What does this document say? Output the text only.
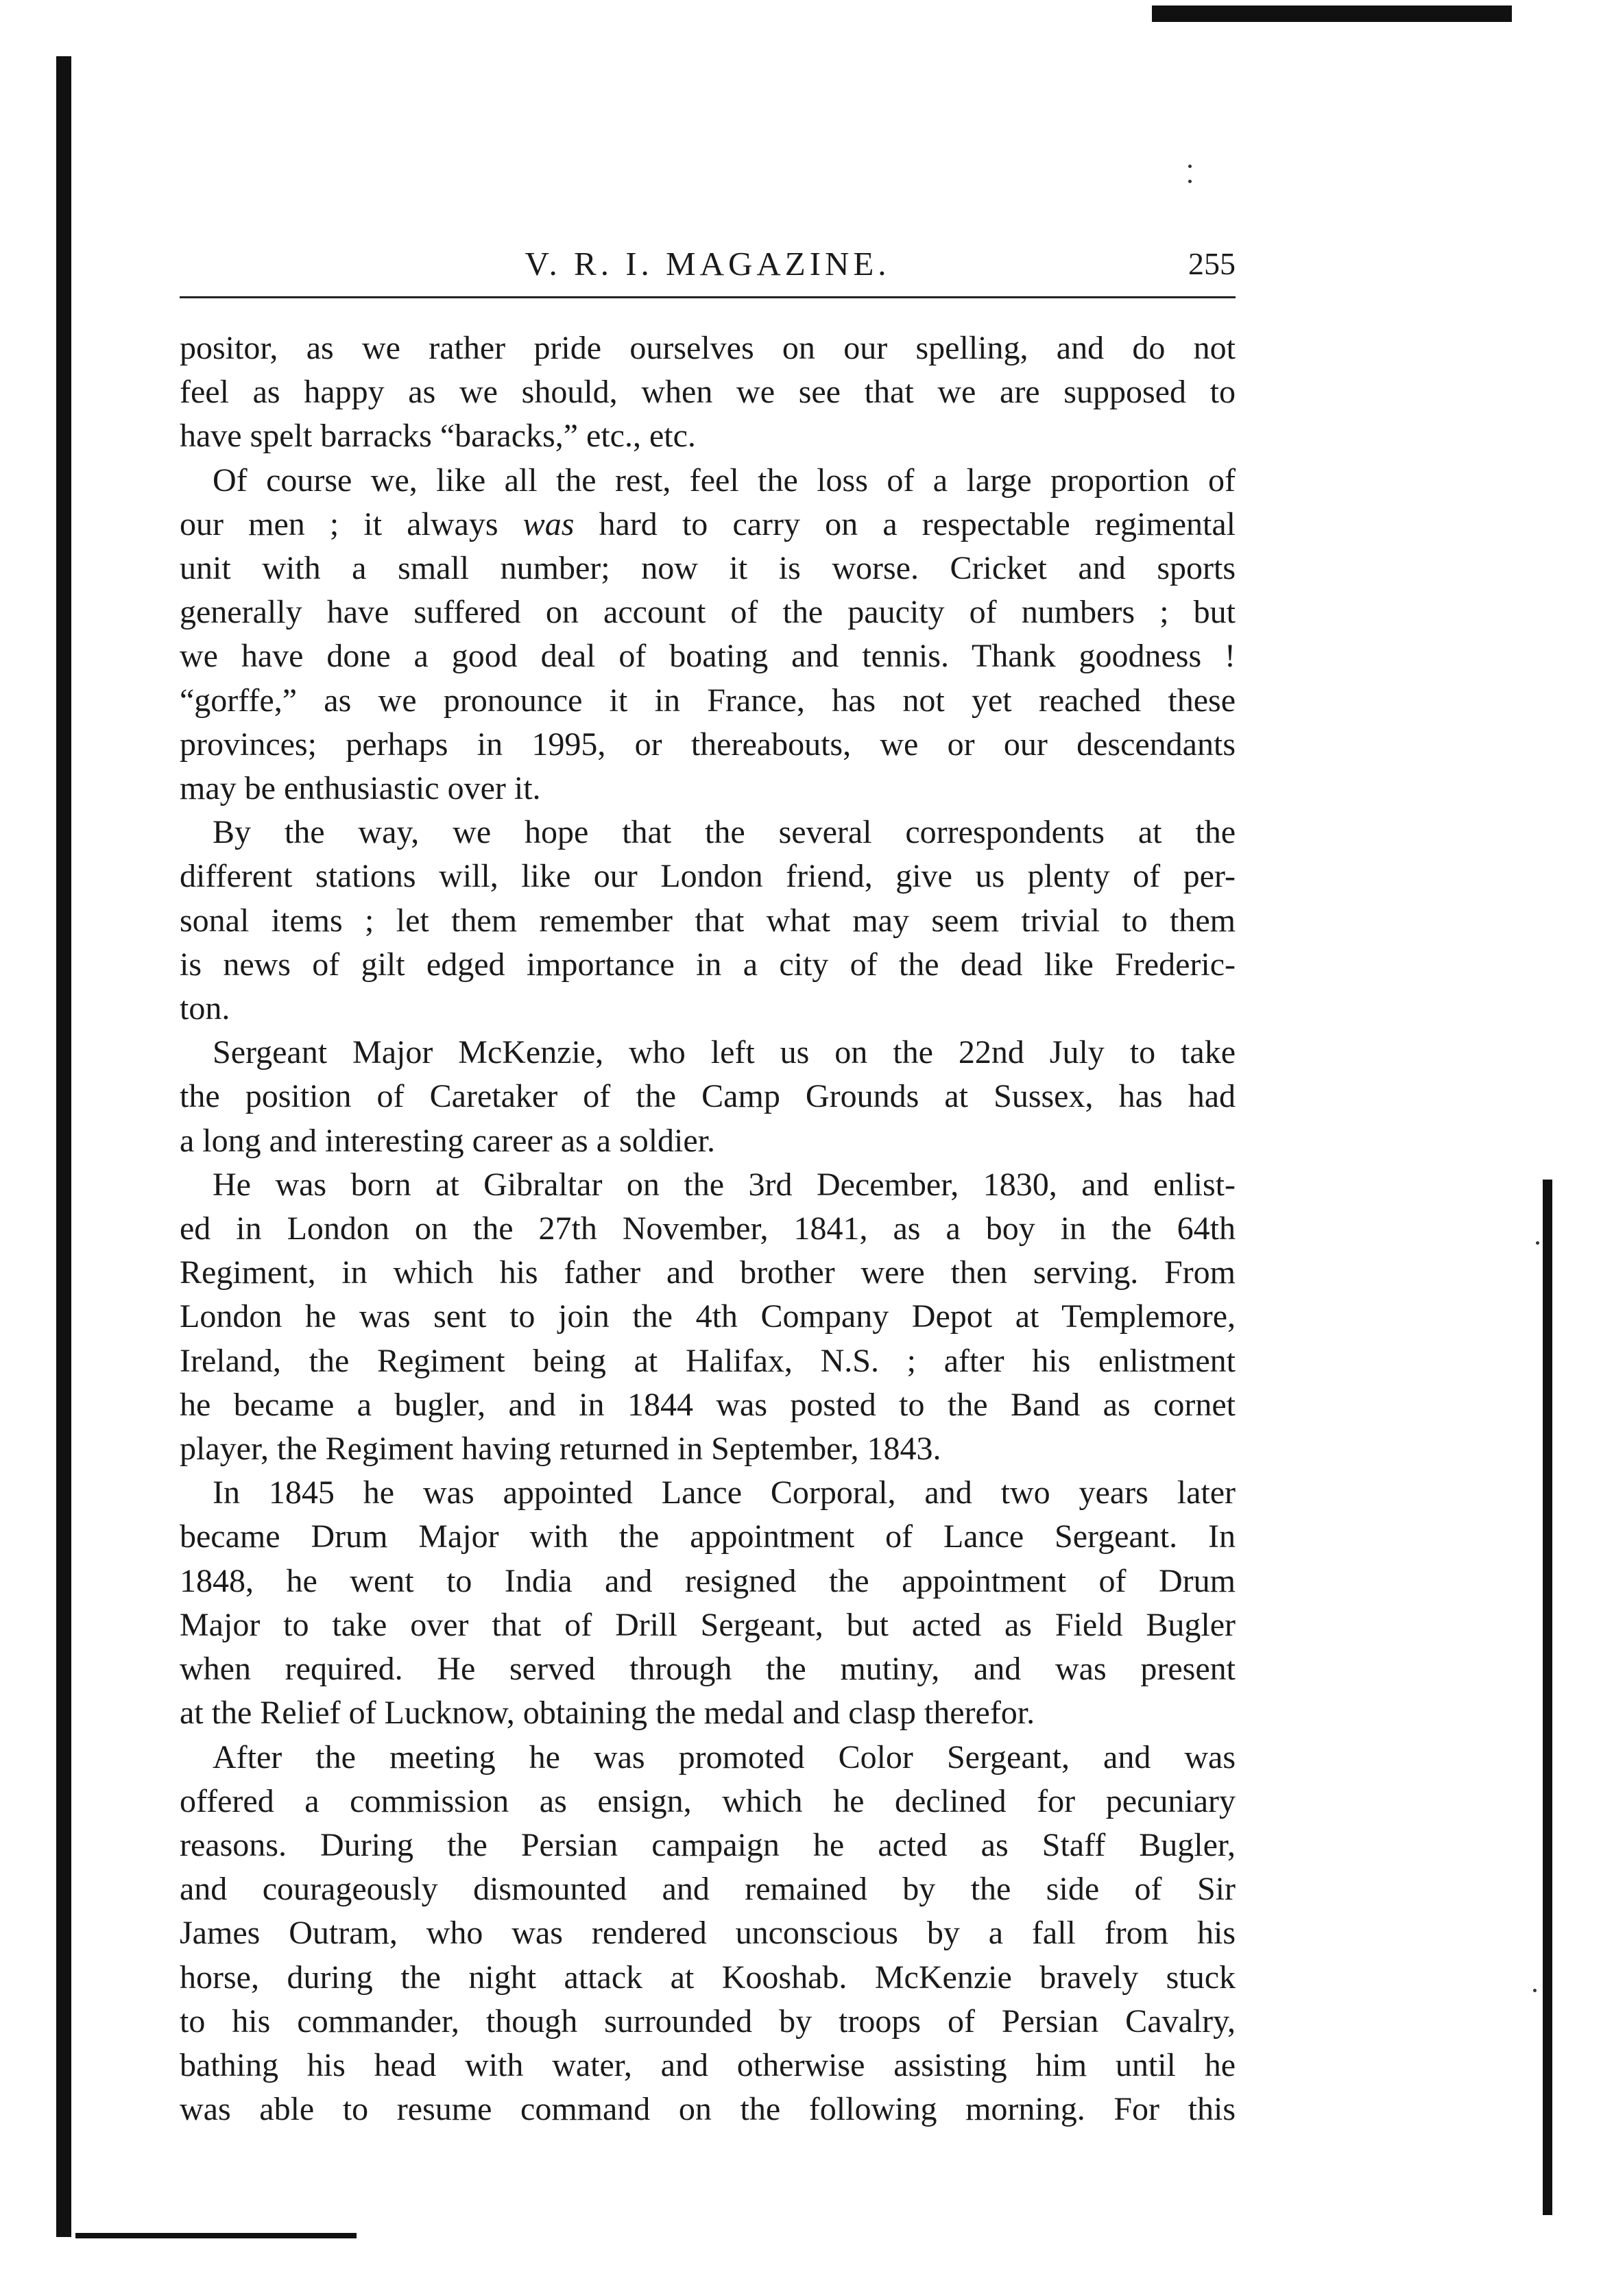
V. R. I. MAGAZINE.	255

positor, as we rather pride ourselves on our spelling, and do not
feel as happy as we should, when we see that we are supposed to
have spelt barracks “baracks,” etc., etc.

Of course we, like all the rest, feel the loss of a large proportion of
our men ; it always was hard to carry on a respectable regimental
unit with a small number; now it is worse. Cricket and sports
generally have suffered on account of the paucity of numbers ; but
we have done a good deal of boating and tennis. Thank goodness !
“gorffe,” as we pronounce it in France, has not yet reached these
provinces; perhaps in 1995, or thereabouts, we or our descendants
may be enthusiastic over it.

By the way, we hope that the several correspondents at the
different stations will, like our London friend, give us plenty of per-
sonal items ; let them remember that what may seem trivial to them
is news of gilt edged importance in a city of the dead like Frederic-
ton.

Sergeant Major McKenzie, who left us on the 22nd July to take
the position of Caretaker of the Camp Grounds at Sussex, has had
a long and interesting career as a soldier.

He was born at Gibraltar on the 3rd December, 1830, and enlist-
ed in London on the 27th November, 1841, as a boy in the 64th
Regiment, in which his father and brother were then serving. From
London he was sent to join the 4th Company Depot at Templemore,
Ireland, the Regiment being at Halifax, N.S. ; after his enlistment
he became a bugler, and in 1844 was posted to the Band as cornet
player, the Regiment having returned in September, 1843.

In 1845 he was appointed Lance Corporal, and two years later
became Drum Major with the appointment of Lance Sergeant. In
1848, he went to India and resigned the appointment of Drum
Major to take over that of Drill Sergeant, but acted as Field Bugler
when required. He served through the mutiny, and was present
at the Relief of Lucknow, obtaining the medal and clasp therefor.

After the meeting he was promoted Color Sergeant, and was
offered a commission as ensign, which he declined for pecuniary
reasons. During the Persian campaign he acted as Staff Bugler,
and courageously dismounted and remained by the side of Sir
James Outram, who was rendered unconscious by a fall from his
horse, during the night attack at Kooshab. McKenzie bravely stuck
to his commander, though surrounded by troops of Persian Cavalry,
bathing his head with water, and otherwise assisting him until he
was able to resume command on the following morning. For this
